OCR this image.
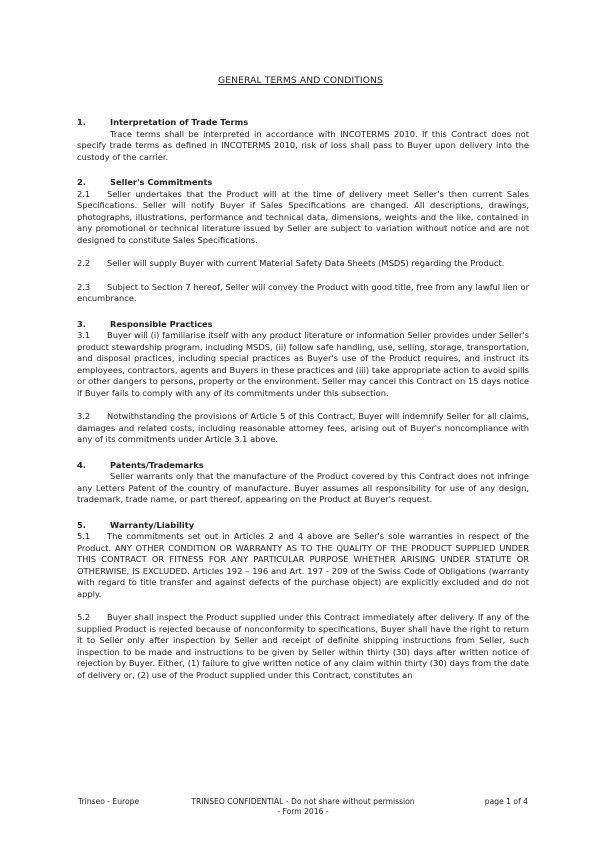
GENERAL TERMS AND CONDITIONS
1.	Interpretation of Trade Terms

Trace terms shall be interpreted in accordance with INCOTERMS 2010. If this Contract does not specify trade terms as defined in INCOTERMS 2010, risk of loss shall pass to Buyer upon delivery into the custody of the carrier.

2.	Seller's Commitments

2.1 Seller undertakes that the Product will at the time of delivery meet Seller's then current Sales Specifications. Seller will notify Buyer if Sales Specifications are changed. All descriptions, drawings, photographs, illustrations, performance and technical data, dimensions, weights and the like, contained in any promotional or technical literature issued by Seller are subject to variation without notice and are not designed to constitute Sales Specifications.

2.2 Seller will supply Buyer with current Material Safety Data Sheets (MSDS) regarding the Product.

2.3 Subject to Section 7 hereof, Seller will convey the Product with good title, free from any lawful lien or encumbrance.

3.	Responsible Practices

3.1 Buyer will (i) familiarise itself with any product literature or information Seller provides under Seller's product stewardship program, including MSDS, (ii) follow safe handling, use, selling, storage, transportation, and disposal practices, including special practices as Buyer's use of the Product requires, and instruct its employees, contractors, agents and Buyers in these practices and (iii) take appropriate action to avoid spills or other dangers to persons, property or the environment. Seller may cancel this Contract on 15 days notice if Buyer fails to comply with any of its commitments under this subsection.

3.2 Notwithstanding the provisions of Article 5 of this Contract, Buyer will indemnify Seller for all claims, damages and related costs, including reasonable attorney fees, arising out of Buyer's noncompliance with any of its commitments under Article 3.1 above.

4.	Patents/Trademarks

Seller warrants only that the manufacture of the Product covered by this Contract does not infringe any Letters Patent of the country of manufacture. Buyer assumes all responsibility for use of any design, trademark, trade name, or part thereof, appearing on the Product at Buyer's request.

5.	Warranty/Liability

5.1 The commitments set out in Articles 2 and 4 above are Seller's sole warranties in respect of the Product. ANY OTHER CONDITION OR WARRANTY AS TO THE QUALITY OF THE PRODUCT SUPPLIED UNDER THIS CONTRACT OR FITNESS FOR ANY PARTICULAR PURPOSE WHETHER ARISING UNDER STATUTE OR OTHERWISE, IS EXCLUDED. Articles 192 – 196 and Art. 197 - 209 of the Swiss Code of Obligations (warranty with regard to title transfer and against defects of the purchase object) are explicitly excluded and do not apply.

5.2 Buyer shall inspect the Product supplied under this Contract immediately after delivery. If any of the supplied Product is rejected because of nonconformity to specifications, Buyer shall have the right to return it to Seller only after inspection by Seller and receipt of definite shipping instructions from Seller, such inspection to be made and instructions to be given by Seller within thirty (30) days after written notice of rejection by Buyer. Either, (1) failure to give written notice of any claim within thirty (30) days from the date of delivery or, (2) use of the Product supplied under this Contract, constitutes an

Trinseo - Europe	TRINSEO CONFIDENTIAL - Do not share without permission
- Form 2016 -
page 1 of 4
